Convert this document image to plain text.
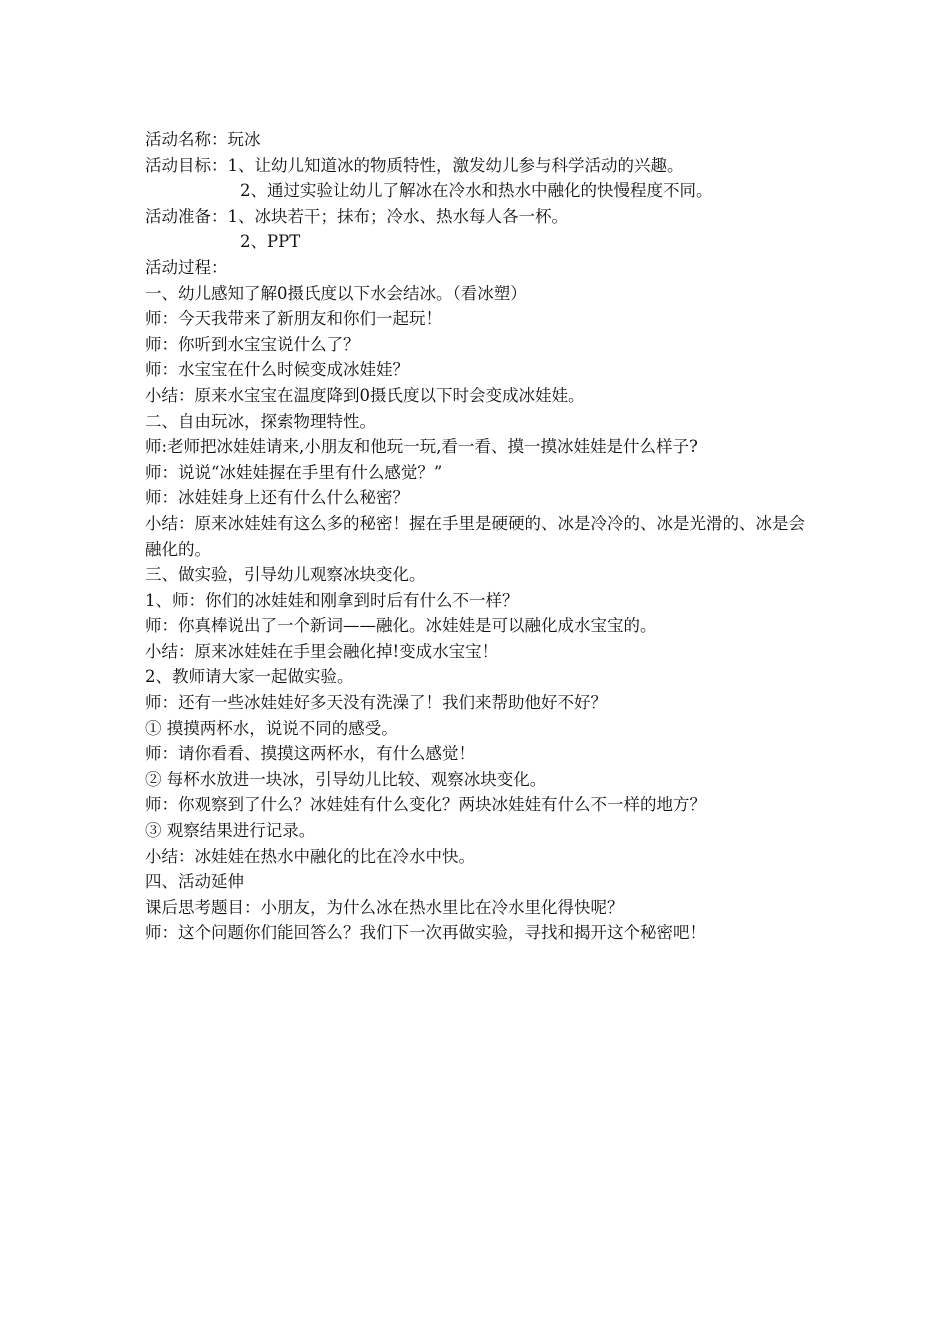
活动名称：玩冰

活动目标：1、让幼儿知道冰的物质特性，激发幼儿参与科学活动的兴趣。

2、通过实验让幼儿了解冰在冷水和热水中融化的快慢程度不同。

活动准备：1、冰块若干；抹布；冷水、热水每人各一杯。

2、PPT

活动过程：

一、幼儿感知了解0摄氏度以下水会结冰。（看冰塑）

师：今天我带来了新朋友和你们一起玩！

师：你听到水宝宝说什么了？

师：水宝宝在什么时候变成冰娃娃？

小结：原来水宝宝在温度降到0摄氏度以下时会变成冰娃娃。

二、自由玩冰，探索物理特性。

师:老师把冰娃娃请来,小朋友和他玩一玩,看一看、摸一摸冰娃娃是什么样子?

师：说说“冰娃娃握在手里有什么感觉？”

师：冰娃娃身上还有什么什么秘密？

小结：原来冰娃娃有这么多的秘密！握在手里是硬硬的、冰是冷冷的、冰是光滑的、冰是会融化的。

三、做实验，引导幼儿观察冰块变化。

1、师：你们的冰娃娃和刚拿到时后有什么不一样？

师：你真棒说出了一个新词——融化。冰娃娃是可以融化成水宝宝的。

小结：原来冰娃娃在手里会融化掉!变成水宝宝！

2、教师请大家一起做实验。

师：还有一些冰娃娃好多天没有洗澡了！我们来帮助他好不好？

① 摸摸两杯水，说说不同的感受。

师：请你看看、摸摸这两杯水，有什么感觉！

② 每杯水放进一块冰，引导幼儿比较、观察冰块变化。

师：你观察到了什么？冰娃娃有什么变化？两块冰娃娃有什么不一样的地方？

③ 观察结果进行记录。

小结：冰娃娃在热水中融化的比在冷水中快。

四、活动延伸

课后思考题目：小朋友，为什么冰在热水里比在冷水里化得快呢？

师：这个问题你们能回答么？我们下一次再做实验，寻找和揭开这个秘密吧！
